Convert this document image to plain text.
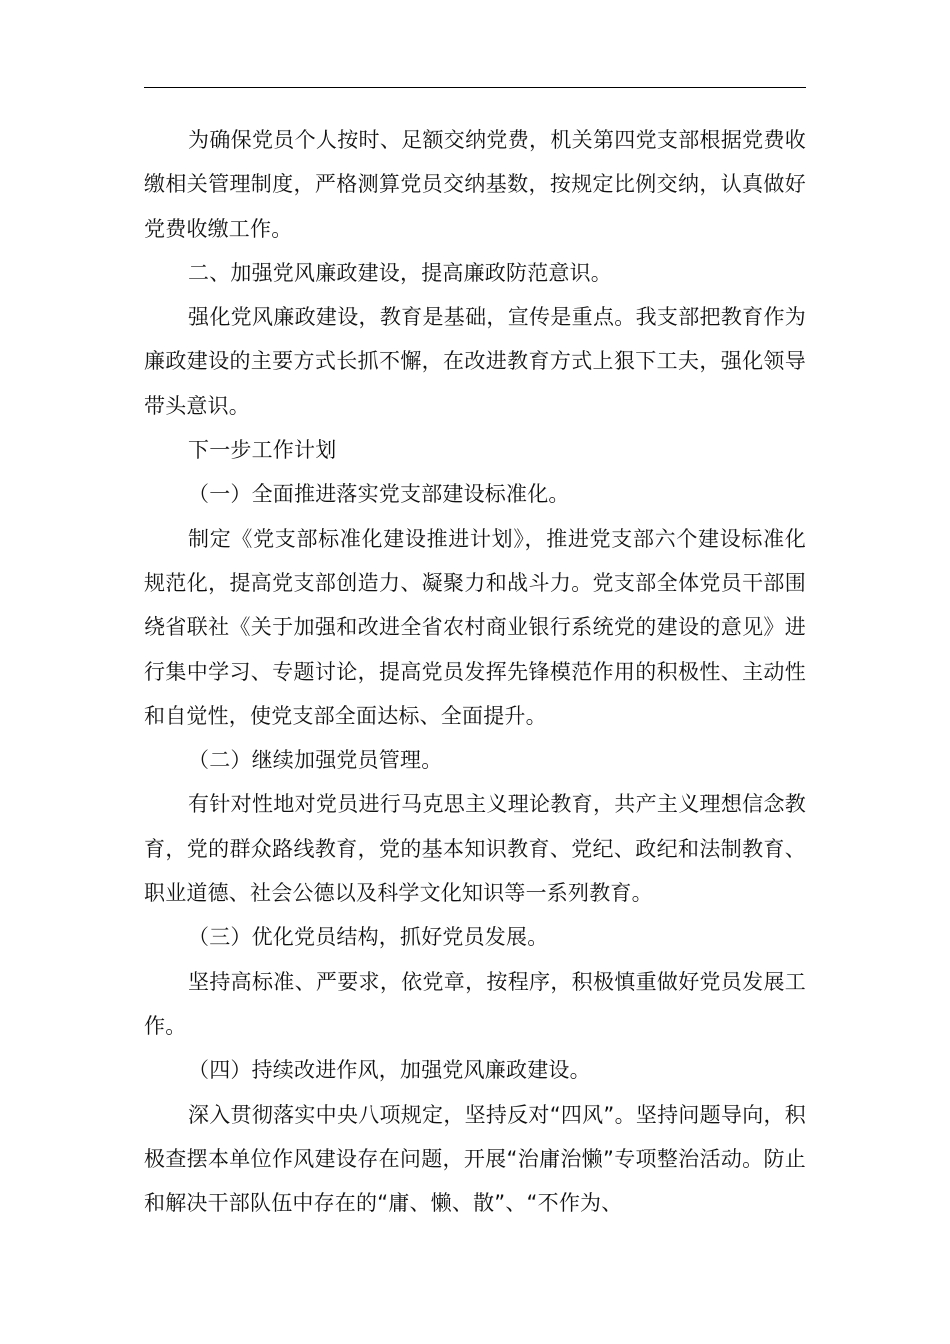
为确保党员个人按时、足额交纳党费，机关第四党支部根据党费收缴相关管理制度，严格测算党员交纳基数，按规定比例交纳，认真做好党费收缴工作。

二、加强党风廉政建设，提高廉政防范意识。

强化党风廉政建设，教育是基础，宣传是重点。我支部把教育作为廉政建设的主要方式长抓不懈，在改进教育方式上狠下工夫，强化领导带头意识。

下一步工作计划

（一）全面推进落实党支部建设标准化。

制定《党支部标准化建设推进计划》，推进党支部六个建设标准化规范化，提高党支部创造力、凝聚力和战斗力。党支部全体党员干部围绕省联社《关于加强和改进全省农村商业银行系统党的建设的意见》进行集中学习、专题讨论，提高党员发挥先锋模范作用的积极性、主动性和自觉性，使党支部全面达标、全面提升。

（二）继续加强党员管理。

有针对性地对党员进行马克思主义理论教育，共产主义理想信念教育，党的群众路线教育，党的基本知识教育、党纪、政纪和法制教育、职业道德、社会公德以及科学文化知识等一系列教育。

（三）优化党员结构，抓好党员发展。

坚持高标准、严要求，依党章，按程序，积极慎重做好党员发展工作。

（四）持续改进作风，加强党风廉政建设。

深入贯彻落实中央八项规定，坚持反对“四风”。坚持问题导向，积极查摆本单位作风建设存在问题，开展“治庸治懒”专项整治活动。防止和解决干部队伍中存在的“庸、懒、散”、“不作为、
